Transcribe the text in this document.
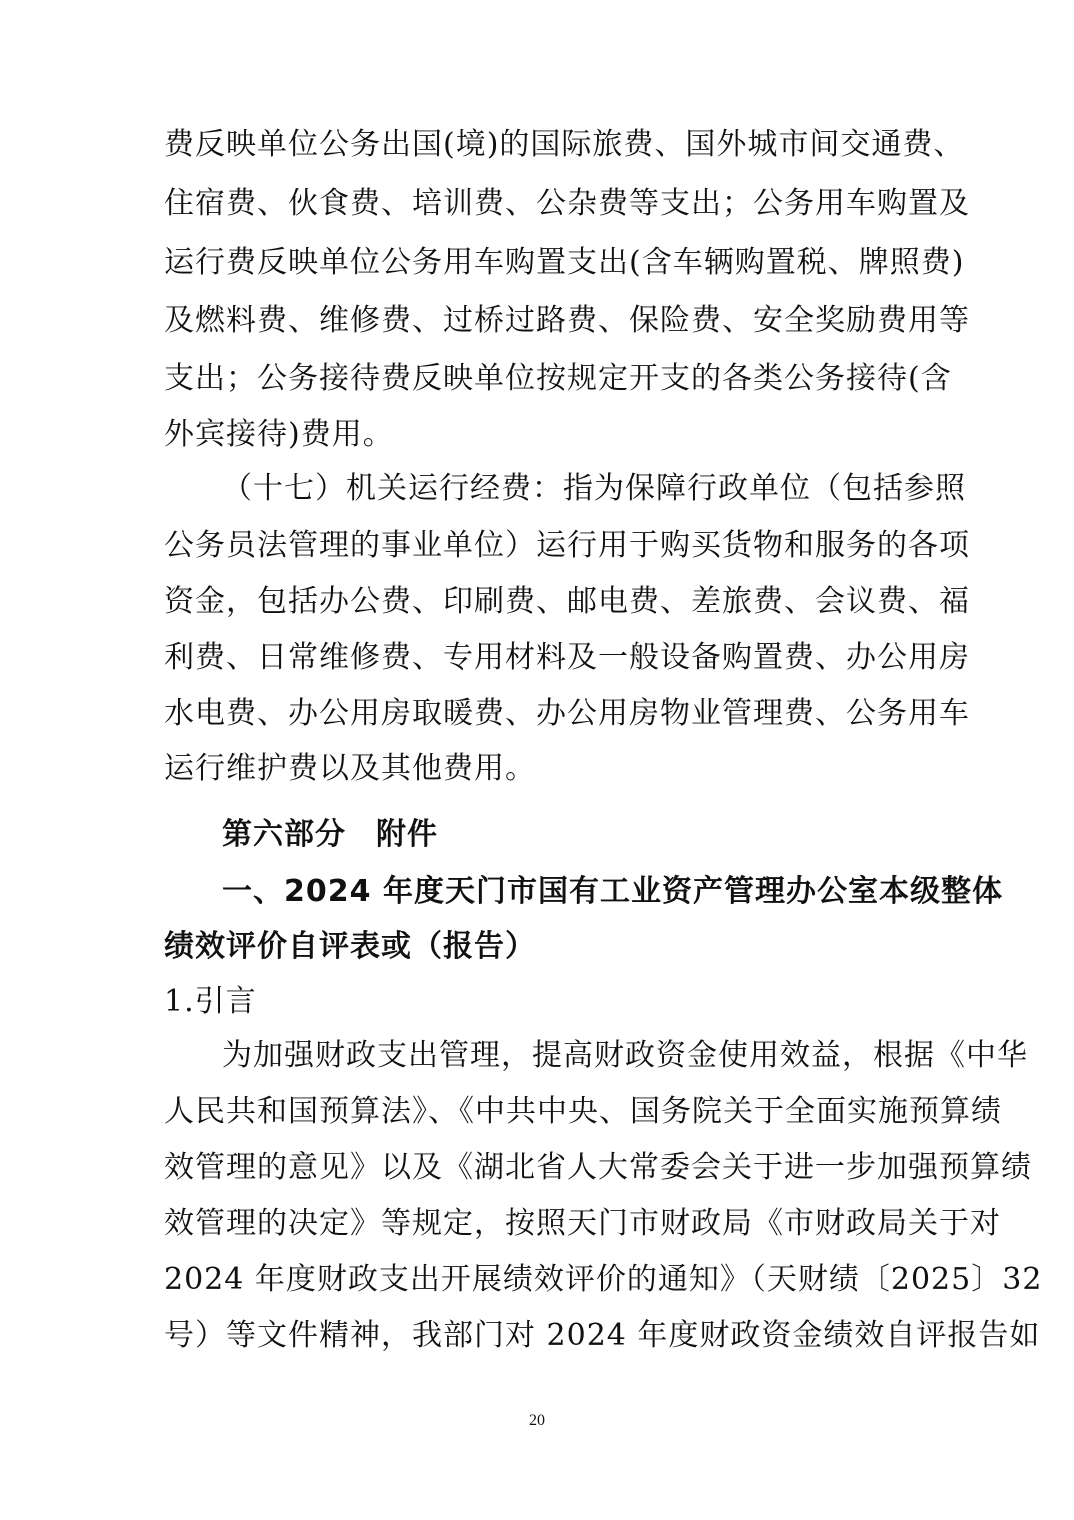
费反映单位公务出国(境)的国际旅费、国外城市间交通费、
住宿费、伙食费、培训费、公杂费等支出；公务用车购置及
运行费反映单位公务用车购置支出(含车辆购置税、牌照费)
及燃料费、维修费、过桥过路费、保险费、安全奖励费用等
支出；公务接待费反映单位按规定开支的各类公务接待(含
外宾接待)费用。
（十七）机关运行经费：指为保障行政单位（包括参照
公务员法管理的事业单位）运行用于购买货物和服务的各项
资金，包括办公费、印刷费、邮电费、差旅费、会议费、福
利费、日常维修费、专用材料及一般设备购置费、办公用房
水电费、办公用房取暖费、办公用房物业管理费、公务用车
运行维护费以及其他费用。
第六部分 附件
一、2024 年度天门市国有工业资产管理办公室本级整体
绩效评价自评表或（报告）
1.引言
为加强财政支出管理，提高财政资金使用效益，根据《中华
人民共和国预算法》、《中共中央、国务院关于全面实施预算绩
效管理的意见》以及《湖北省人大常委会关于进一步加强预算绩
效管理的决定》等规定，按照天门市财政局《市财政局关于对
2024 年度财政支出开展绩效评价的通知》（天财绩〔2025〕32
号）等文件精神，我部门对 2024 年度财政资金绩效自评报告如
20
